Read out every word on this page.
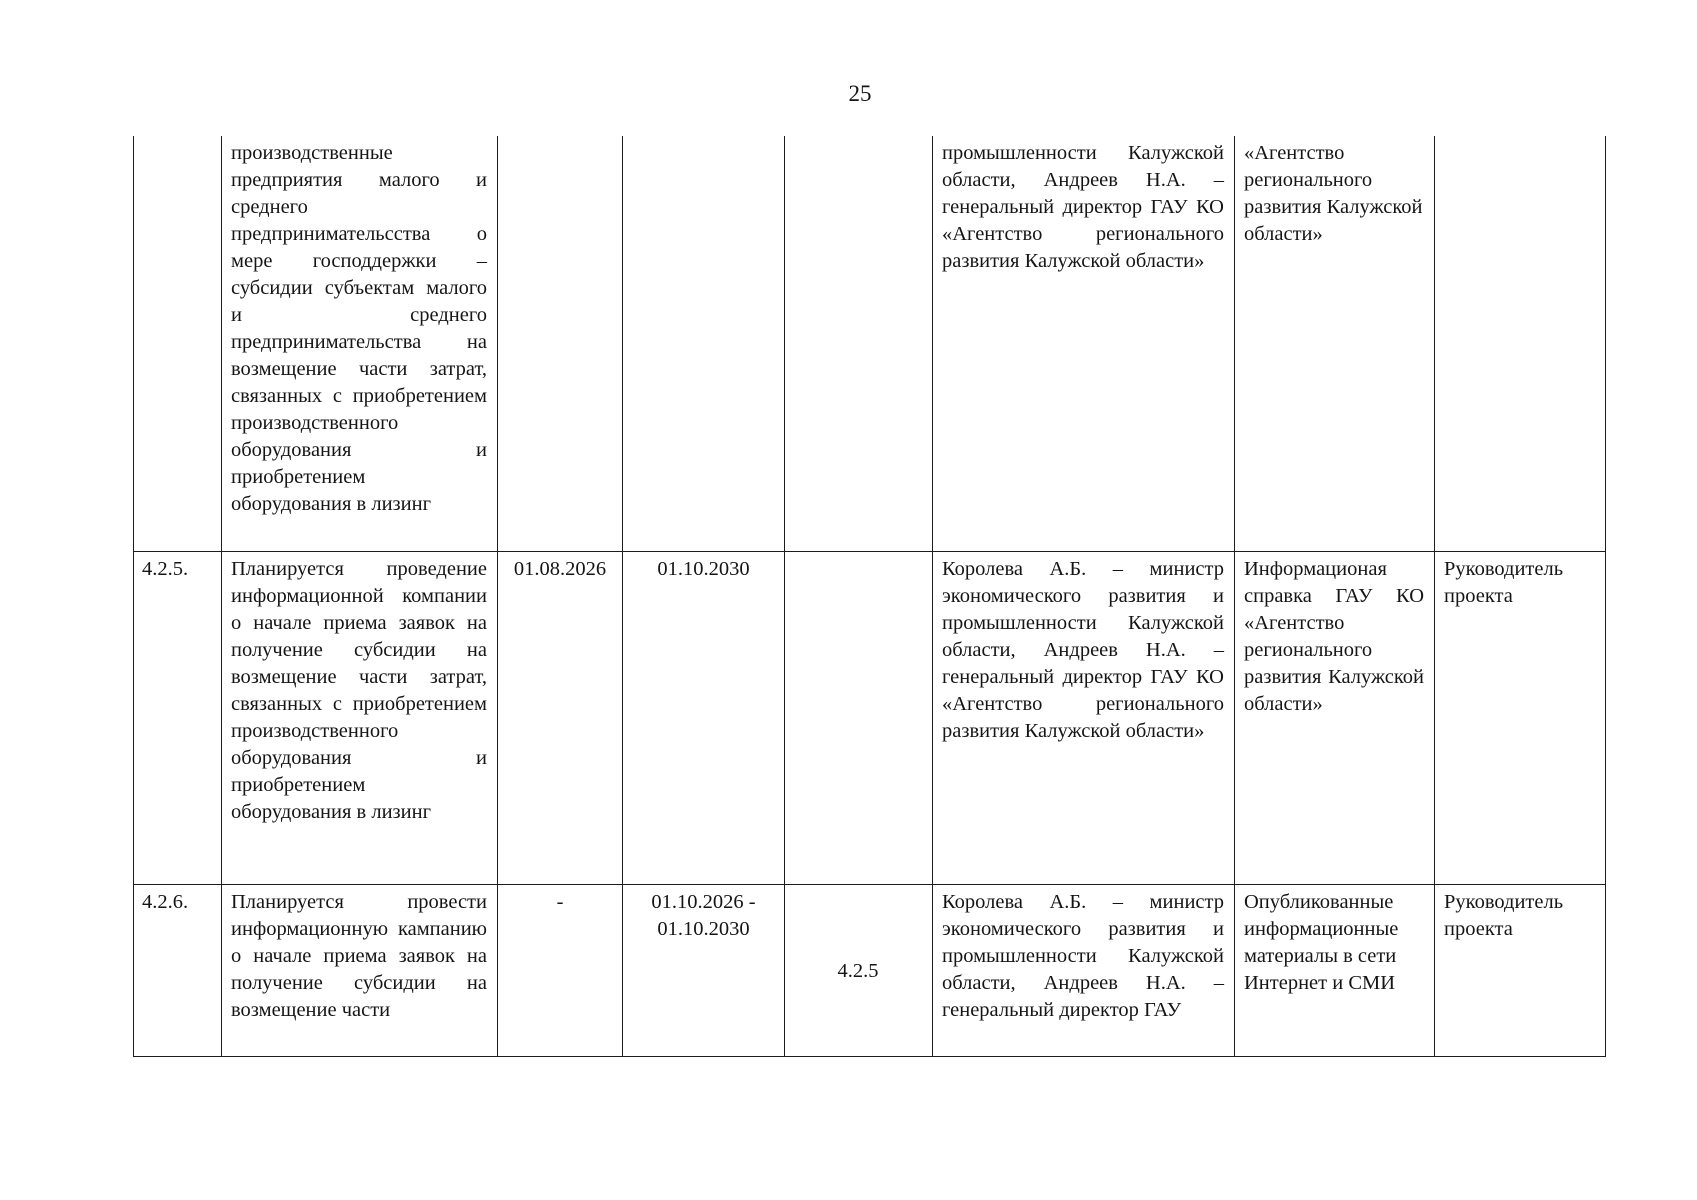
25
	производственные предприятия малого и среднего предпринимательсства о мере господдержки – субсидии субъектам малого и среднего предпринимательства на возмещение части затрат, связанных с приобретением производственного оборудования и приобретением оборудования в лизинг				промышленности Калужской области, Андреев Н.А. – генеральный директор ГАУ КО «Агентство регионального развития Калужской области»	«Агентство регионального развития Калужской области»	
4.2.5.	Планируется проведение информационной компании о начале приема заявок на получение субсидии на возмещение части затрат, связанных с приобретением производственного оборудования и приобретением оборудования в лизинг	01.08.2026	01.10.2030		Королева А.Б. – министр экономического развития и промышленности Калужской области, Андреев Н.А. – генеральный директор ГАУ КО «Агентство регионального развития Калужской области»	Информационая справка ГАУ КО «Агентство регионального развития Калужской области»	Руководитель проекта
4.2.6.	Планируется провести информационную кампанию о начале приема заявок на получение субсидии на возмещение части	-	01.10.2026 - 01.10.2030	4.2.5	Королева А.Б. – министр экономического развития и промышленности Калужской области, Андреев Н.А. – генеральный директор ГАУ	Опубликованные информационные материалы в сети Интернет и СМИ	Руководитель проекта
